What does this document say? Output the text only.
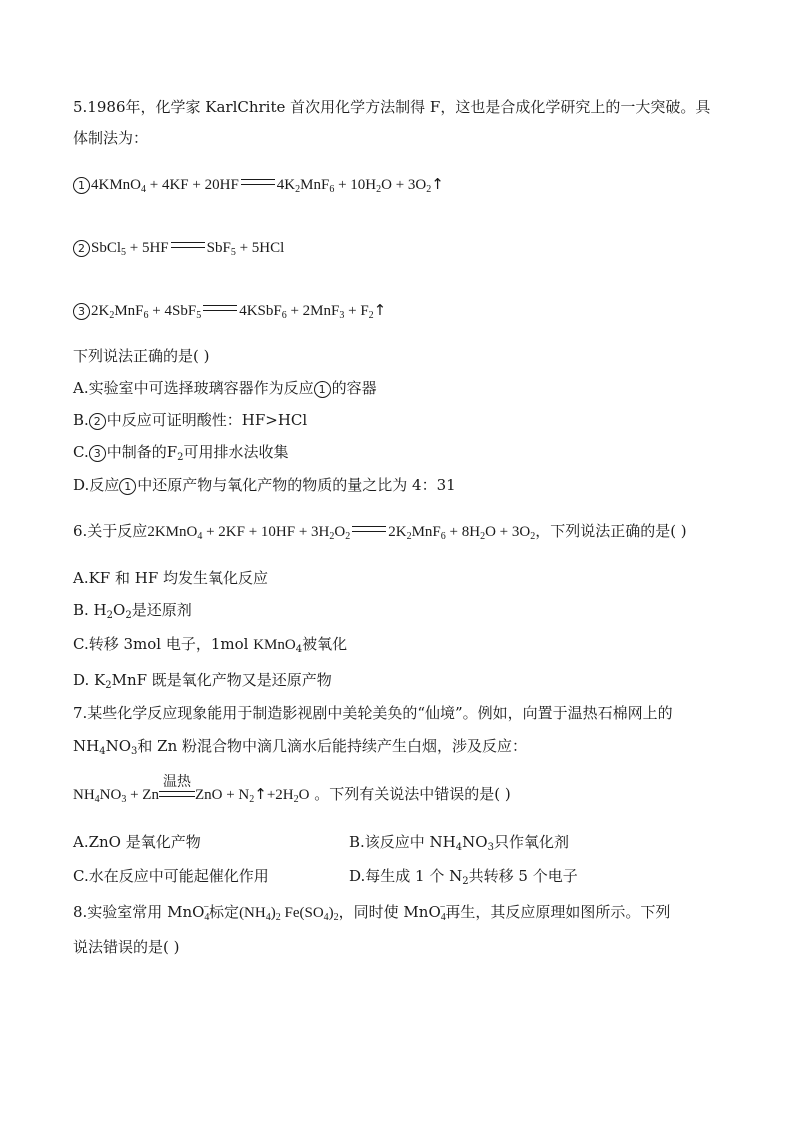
5.1986年，化学家 KarlChrite 首次用化学方法制得 F，这也是合成化学研究上的一大突破。具
体制法为：
1 4KMnO$_4$ + 4KF + 20HF	$4K_2MnF_6 + 10H_2O$ + $3O_2↑$
2 SbCl$_5$ + 5HF	SbF$_5$ + 5HCl
3 $2K_2MnF_6 + 4SbF_5$	4KSbF$_6$ + $2MnF_3 + F_2↑$
下列说法正确的是( )
A.实验室中可选择玻璃容器作为反应 1 的容器
B. 2 中反应可证明酸性：HF>HCl
C. 3 中制备的$F_2$可用排水法收集
D.反应 1 中还原产物与氧化产物的物质的量之比为 4：31
6.关于反应2KMnO$_4$ + $2KF + 10HF + 3H_2O_2$	$2K_2MnF_6 + 8H_2O + 3O_2$，下列说法正确的是( )
A.KF 和 HF 均发生氧化反应
B. $H_2O_2$是还原剂
C.转移 3mol 电子，1mol KMnO$_4$被氧化
D. $K_2MnF$ 既是氧化产物又是还原产物
7.某些化学反应现象能用于制造影视剧中美轮美奂的“仙境”。例如，向置于温热石棉网上的
$NH_4NO_3$和 Zn 粉混合物中滴几滴水后能持续产生白烟，涉及反应：
$NH_4NO_3 + Zn$
温热
ZnO + $N_2↑+2H_2O$ 。下列有关说法中错误的是( )
A.ZnO 是氧化产物	B.该反应中 $NH_4NO_3$只作氧化剂
C.水在反应中可能起催化作用	D.每生成 1 个 $N_2$共转移 5 个电子
8.实验室常用 MnO$_4$−标定$(NH_4)_2$ $Fe(SO_4)_2$，同时使 MnO$_4$−再生，其反应原理如图所示。下列
说法错误的是( )
